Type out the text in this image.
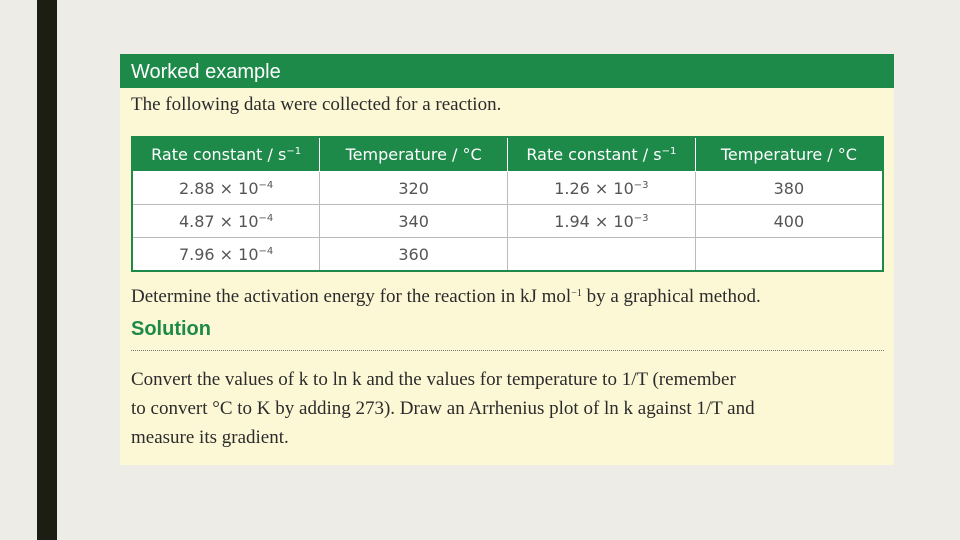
Worked example
The following data were collected for a reaction.
Rate constant / $s^{-1}$	Temperature / °C	Rate constant / $s^{-1}$	Temperature / °C
$2.88 \times 10^{-4}$	320	$1.26 \times 10^{-3}$	380
$4.87 \times 10^{-4}$	340	$1.94 \times 10^{-3}$	400
$7.96 \times 10^{-4}$	360		
Determine the activation energy for the reaction in kJ mol$^{-1}$ by a graphical method.
Solution
Convert the values of k to ln k and the values for temperature to 1/T (remember
to convert °C to K by adding 273). Draw an Arrhenius plot of ln k against 1/T and
measure its gradient.
